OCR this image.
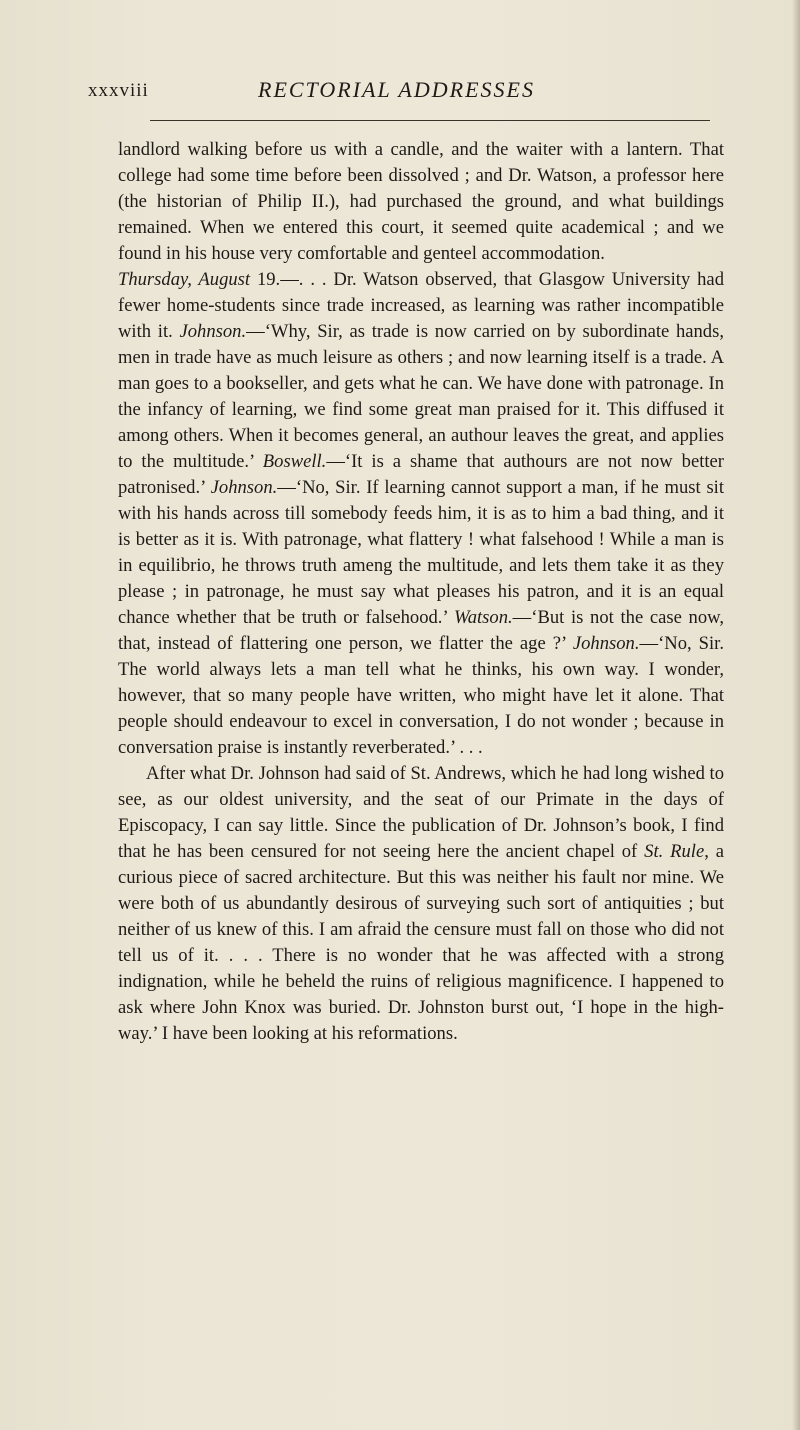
xxxviii	RECTORIAL ADDRESSES

landlord walking before us with a candle, and the waiter with a lantern. That college had some time before been dissolved ; and Dr. Watson, a professor here (the historian of Philip II.), had purchased the ground, and what buildings remained. When we entered this court, it seemed quite academical ; and we found in his house very comfortable and genteel accommodation.

Thursday, August 19.—. . . Dr. Watson observed, that Glasgow University had fewer home-students since trade increased, as learning was rather incompatible with it. Johnson.—‘Why, Sir, as trade is now carried on by subordinate hands, men in trade have as much leisure as others ; and now learning itself is a trade. A man goes to a bookseller, and gets what he can. We have done with patronage. In the infancy of learning, we find some great man praised for it. This diffused it among others. When it becomes general, an authour leaves the great, and applies to the multitude.’ Boswell.—‘It is a shame that authours are not now better patronised.’ Johnson.—‘No, Sir. If learning cannot support a man, if he must sit with his hands across till somebody feeds him, it is as to him a bad thing, and it is better as it is. With patronage, what flattery ! what falsehood ! While a man is in equilibrio, he throws truth ameng the multitude, and lets them take it as they please ; in patronage, he must say what pleases his patron, and it is an equal chance whether that be truth or falsehood.’ Watson.—‘But is not the case now, that, instead of flattering one person, we flatter the age ?’ Johnson.—‘No, Sir. The world always lets a man tell what he thinks, his own way. I wonder, however, that so many people have written, who might have let it alone. That people should endeavour to excel in conversation, I do not wonder ; because in conversation praise is instantly reverberated.’ . . .

After what Dr. Johnson had said of St. Andrews, which he had long wished to see, as our oldest university, and the seat of our Primate in the days of Episcopacy, I can say little. Since the publication of Dr. Johnson’s book, I find that he has been censured for not seeing here the ancient chapel of St. Rule, a curious piece of sacred architecture. But this was neither his fault nor mine. We were both of us abundantly desirous of surveying such sort of antiquities ; but neither of us knew of this. I am afraid the censure must fall on those who did not tell us of it. . . . There is no wonder that he was affected with a strong indignation, while he beheld the ruins of religious magnificence. I happened to ask where John Knox was buried. Dr. Johnston burst out, ‘I hope in the high-way.’ I have been looking at his reformations.
